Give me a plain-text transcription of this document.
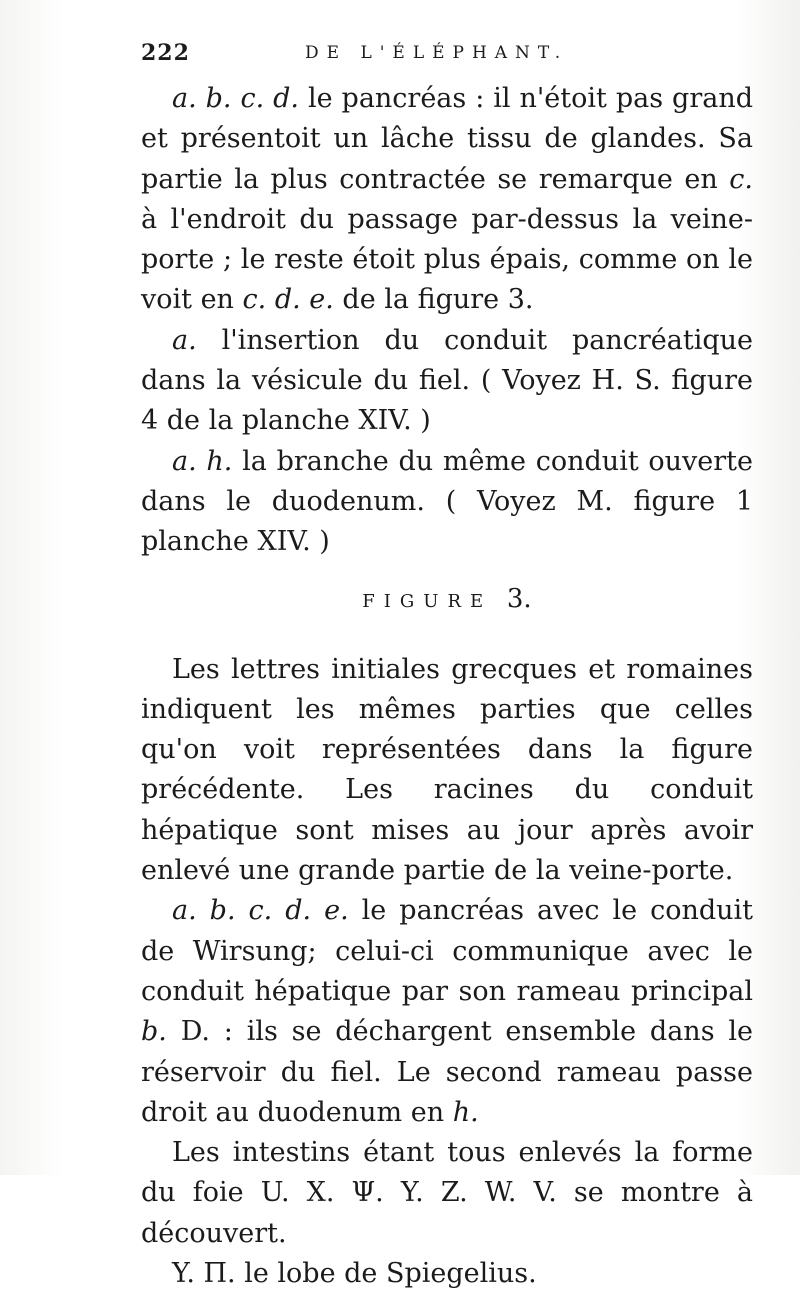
222	DE L'ÉLÉPHANT.

a. b. c. d. le pancréas : il n'étoit pas grand et présentoit un lâche tissu de glandes. Sa partie la plus contractée se remarque en c. à l'endroit du passage par-dessus la veine-porte ; le reste étoit plus épais, comme on le voit en c. d. e. de la figure 3.

a. l'insertion du conduit pancréatique dans la vésicule du fiel. ( Voyez H. S. figure 4 de la planche XIV. )

a. h. la branche du même conduit ouverte dans le duodenum. ( Voyez M. figure 1 planche XIV. )

FIGURE 3.

Les lettres initiales grecques et romaines indiquent les mêmes parties que celles qu'on voit représentées dans la figure précédente. Les racines du conduit hépatique sont mises au jour après avoir enlevé une grande partie de la veine-porte.

a. b. c. d. e. le pancréas avec le conduit de Wirsung; celui-ci communique avec le conduit hépatique par son rameau principal b. D. : ils se déchargent ensemble dans le réservoir du fiel. Le second rameau passe droit au duodenum en h.

Les intestins étant tous enlevés la forme du foie U. X. Ψ. Y. Z. W. V. se montre à découvert.

Y. Π. le lobe de Spiegelius.
